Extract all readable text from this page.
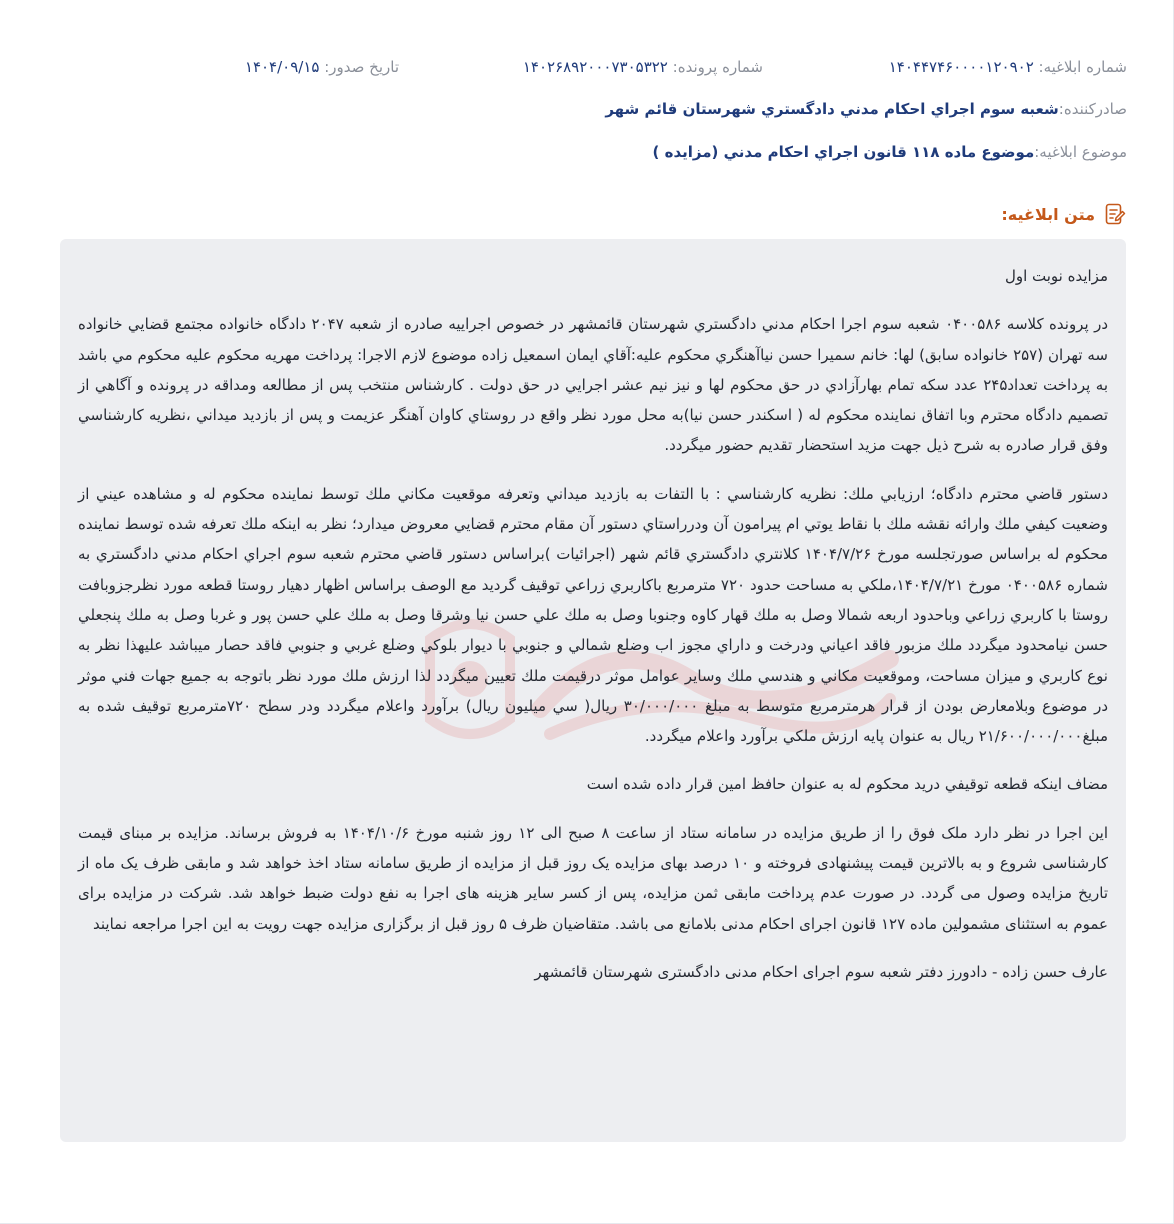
شماره ابلاغیه: ۱۴۰۴۴۷۴۶۰۰۰۰۱۲۰۹۰۲
شماره پرونده: ۱۴۰۲۶۸۹۲۰۰۰۷۳۰۵۳۲۲
تاریخ صدور: ۱۴۰۴/۰۹/۱۵
صادرکننده:
شعبه سوم اجراي احكام مدني دادگستري شهرستان قائم شهر
موضوع ابلاغیه:
موضوع ماده ۱۱۸ قانون اجراي احكام مدني (مزايده )
متن ابلاغیه:

مزايده نوبت اول

در پرونده كلاسه ۰۴۰۰۵۸۶ شعبه سوم اجرا احكام مدني دادگستري شهرستان قائمشهر در خصوص اجراييه صادره از شعبه ۲۰۴۷ دادگاه خانواده مجتمع قضايي خانواده سه تهران (۲۵۷ خانواده سابق) لها: خانم سميرا حسن نياآهنگري محكوم عليه:آقاي ايمان اسمعيل زاده موضوع لازم الاجرا: پرداخت مهريه محكوم عليه محكوم مي باشد به پرداخت تعداد۲۴۵ عدد سكه تمام بهارآزادي در حق محكوم لها و نيز نيم عشر اجرايي در حق دولت . كارشناس منتخب پس از مطالعه ومداقه در پرونده و آگاهي از تصميم دادگاه محترم وبا اتفاق نماينده محكوم له ( اسكندر حسن نيا)به محل مورد نظر واقع در روستاي كاوان آهنگر عزيمت و پس از بازديد ميداني ،نظريه كارشناسي وفق قرار صادره به شرح ذيل جهت مزيد استحضار تقديم حضور ميگردد.

دستور قاضي محترم دادگاه؛ ارزيابي ملك: نظريه كارشناسي : با التفات به بازديد ميداني وتعرفه موقعيت مكاني ملك توسط نماينده محكوم له و مشاهده عيني از وضعيت كيفي ملك وارائه نقشه ملك با نقاط يوتي ام پيرامون آن ودرراستاي دستور آن مقام محترم قضايي معروض ميدارد؛ نظر به اينكه ملك تعرفه شده توسط نماينده محكوم له براساس صورتجلسه مورخ ۱۴۰۴/۷/۲۶ كلانتري دادگستري قائم شهر (اجرائيات )براساس دستور قاضي محترم شعبه سوم اجراي احكام مدني دادگستري به شماره ۰۴۰۰۵۸۶ مورخ ۱۴۰۴/۷/۲۱،ملكي به مساحت حدود ۷۲۰ مترمربع باكاربري زراعي توقيف گرديد مع الوصف براساس اظهار دهيار روستا قطعه مورد نظرجزوبافت روستا با كاربري زراعي وباحدود اربعه شمالا وصل به ملك قهار كاوه وجنوبا وصل به ملك علي حسن نيا وشرقا وصل به ملك علي حسن پور و غربا وصل به ملك پنجعلي حسن نيامحدود ميگردد ملك مزبور فاقد اعياني ودرخت و داراي مجوز اب وضلع شمالي و جنوبي با ديوار بلوكي وضلع غربي و جنوبي فاقد حصار ميباشد عليهذا نظر به نوع كاربري و ميزان مساحت، وموقعيت مكاني و هندسي ملك وساير عوامل موثر درقيمت ملك تعيين ميگردد لذا ارزش ملك مورد نظر باتوجه به جميع جهات فني موثر در موضوع وبلامعارض بودن از قرار هرمترمربع متوسط به مبلغ ۳۰/۰۰۰/۰۰۰ ريال( سي ميليون ريال) برآورد واعلام ميگردد ودر سطح ۷۲۰مترمربع توقيف شده به مبلغ۲۱/۶۰۰/۰۰۰/۰۰۰ ريال به عنوان پايه ارزش ملكي برآورد واعلام ميگردد.

مضاف اينكه قطعه توقيفي دريد محكوم له به عنوان حافظ امين قرار داده شده است

این اجرا در نظر دارد ملک فوق را از طریق مزایده در سامانه ستاد از ساعت ۸ صبح الی ۱۲ روز شنبه مورخ ۱۴۰۴/۱۰/۶ به فروش برساند. مزایده بر مبنای قیمت کارشناسی شروع و به بالاترین قیمت پیشنهادی فروخته و ۱۰ درصد بهای مزایده یک روز قبل از مزایده از طریق سامانه ستاد اخذ خواهد شد و مابقی ظرف یک ماه از تاریخ مزایده وصول می گردد. در صورت عدم پرداخت مابقی ثمن مزایده، پس از کسر سایر هزینه های اجرا به نفع دولت ضبط خواهد شد. شرکت در مزایده برای عموم به استثنای مشمولین ماده ۱۲۷ قانون اجرای احکام مدنی بلامانع می باشد. متقاضیان ظرف ۵ روز قبل از برگزاری مزایده جهت رویت به این اجرا مراجعه نمایند

عارف حسن زاده - دادورز دفتر شعبه سوم اجرای احکام مدنی دادگستری شهرستان قائمشهر
